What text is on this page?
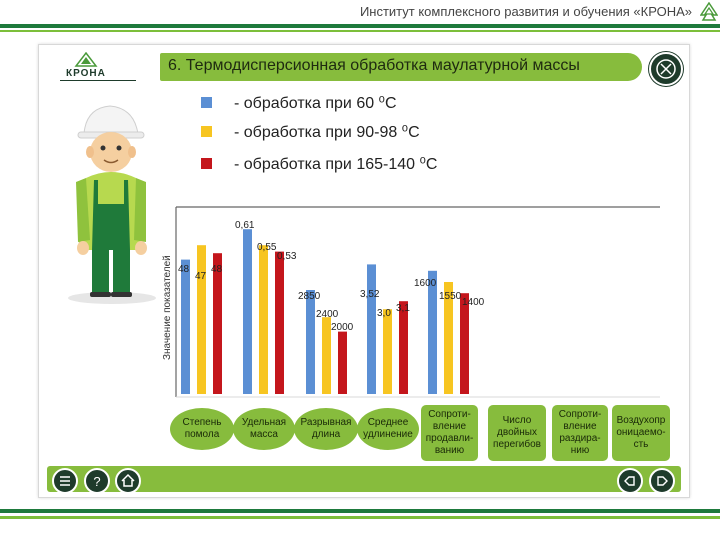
Институт комплексного развития и обучения «КРОНА»
КРОНА	6. Термодисперсионная обработка маулатурной массы
- обработка при 60 ⁰С
- обработка при 90-98 ⁰С
- обработка при 165-140 ⁰С
48
47
48
0,61
0,55
0,53
2850
2400
2000
3,52
3,0 3,1
1600
1550
1400
Значение показателей
Степень
помола
Удельная
масса
Разрывная
длина
Среднее
удлинение
Сопроти-
вление
продавли-
ванию
Число
двойных
перегибов
Сопроти-
вление
раздира-
нию
Воздухопр
оницаемо-
сть
?
